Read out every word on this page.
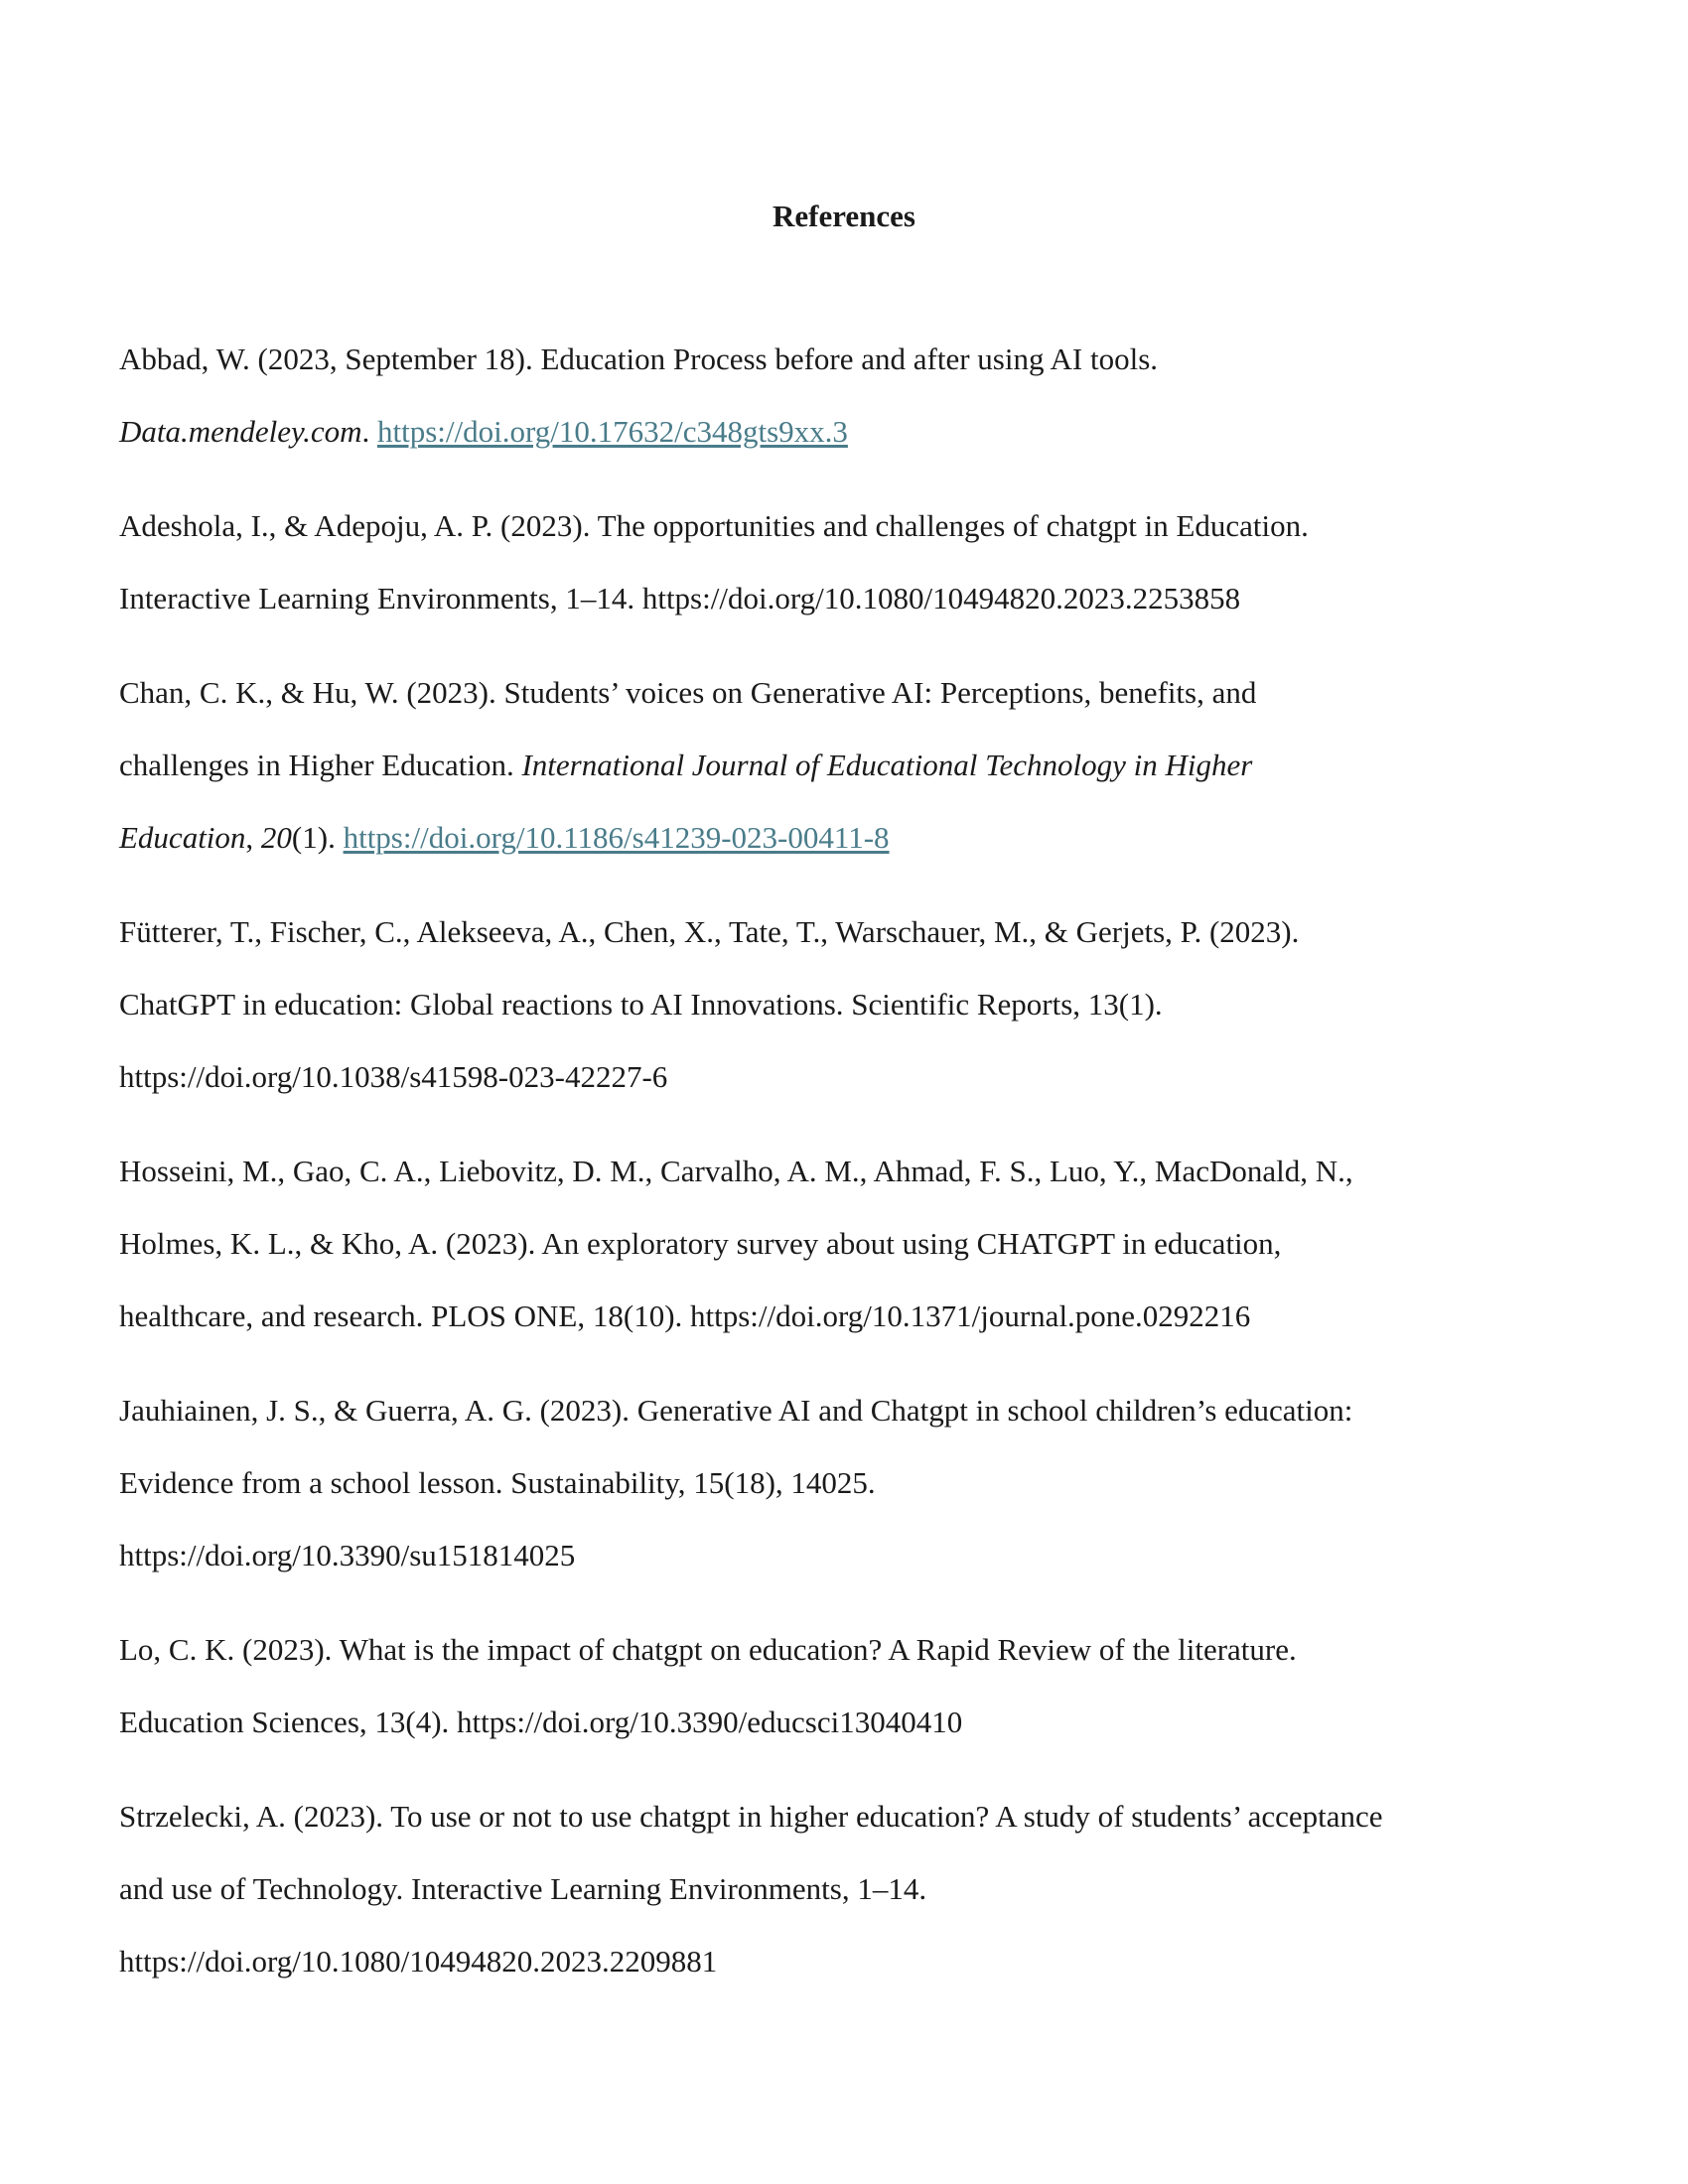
References

Abbad, W. (2023, September 18). Education Process before and after using AI tools.
Data.mendeley.com. https://doi.org/10.17632/c348gts9xx.3

Adeshola, I., & Adepoju, A. P. (2023). The opportunities and challenges of chatgpt in Education.
Interactive Learning Environments, 1–14. https://doi.org/10.1080/10494820.2023.2253858

Chan, C. K., & Hu, W. (2023). Students’ voices on Generative AI: Perceptions, benefits, and
challenges in Higher Education. International Journal of Educational Technology in Higher
Education, 20(1). https://doi.org/10.1186/s41239-023-00411-8

Fütterer, T., Fischer, C., Alekseeva, A., Chen, X., Tate, T., Warschauer, M., & Gerjets, P. (2023).
ChatGPT in education: Global reactions to AI Innovations. Scientific Reports, 13(1).
https://doi.org/10.1038/s41598-023-42227-6

Hosseini, M., Gao, C. A., Liebovitz, D. M., Carvalho, A. M., Ahmad, F. S., Luo, Y., MacDonald, N.,
Holmes, K. L., & Kho, A. (2023). An exploratory survey about using CHATGPT in education,
healthcare, and research. PLOS ONE, 18(10). https://doi.org/10.1371/journal.pone.0292216

Jauhiainen, J. S., & Guerra, A. G. (2023). Generative AI and Chatgpt in school children’s education:
Evidence from a school lesson. Sustainability, 15(18), 14025.
https://doi.org/10.3390/su151814025

Lo, C. K. (2023). What is the impact of chatgpt on education? A Rapid Review of the literature.
Education Sciences, 13(4). https://doi.org/10.3390/educsci13040410

Strzelecki, A. (2023). To use or not to use chatgpt in higher education? A study of students’ acceptance
and use of Technology. Interactive Learning Environments, 1–14.
https://doi.org/10.1080/10494820.2023.2209881
